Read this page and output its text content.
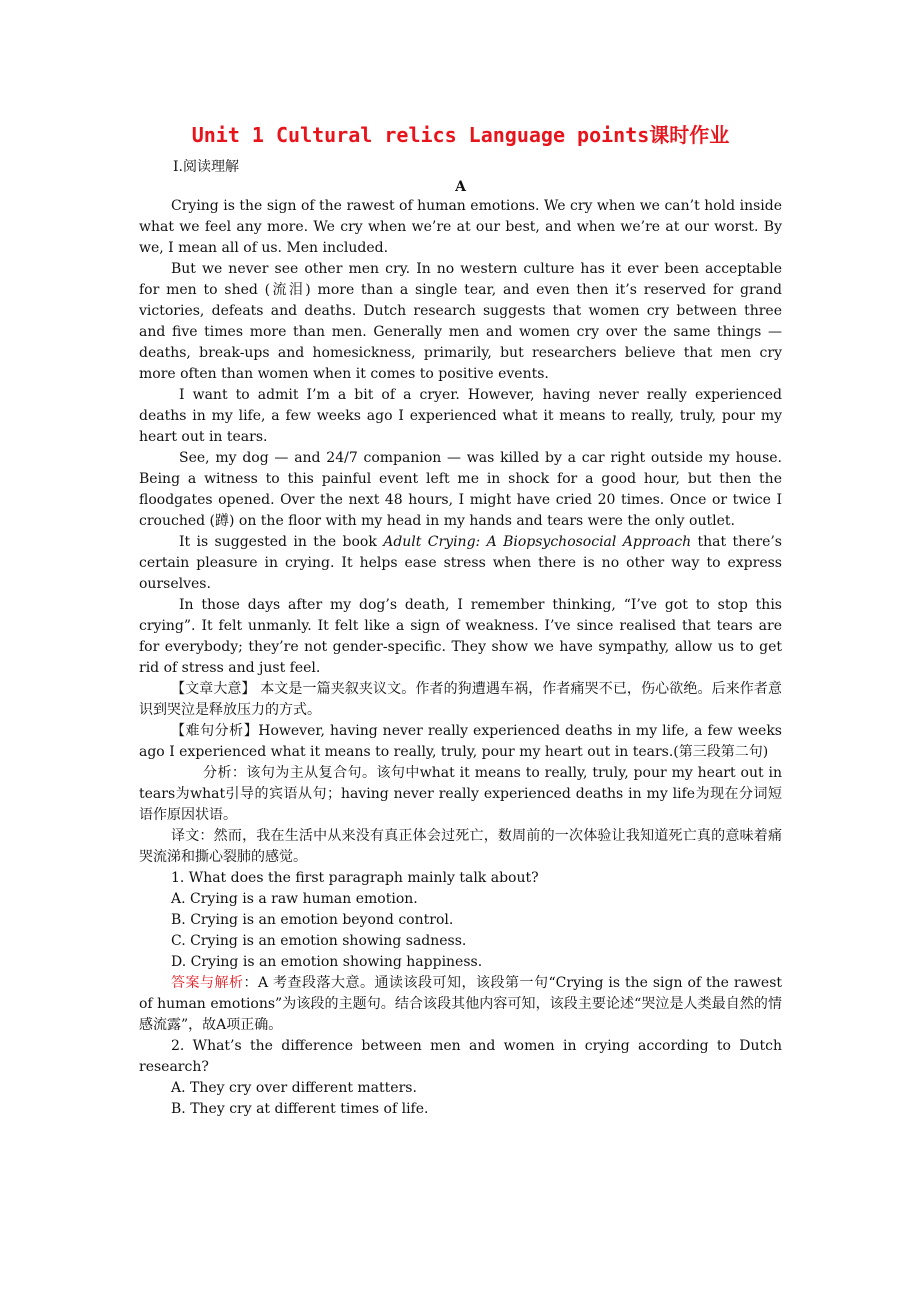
Unit 1 Cultural relics Language points课时作业
Ⅰ.阅读理解
A

Crying is the sign of the rawest of human emotions. We cry when we can’t hold inside what we feel any more. We cry when we’re at our best, and when we’re at our worst. By we, I mean all of us. Men included.

But we never see other men cry. In no western culture has it ever been acceptable for men to shed (流泪) more than a single tear, and even then it’s reserved for grand victories, defeats and deaths. Dutch research suggests that women cry between three and five times more than men. Generally men and women cry over the same things — deaths, break-ups and homesickness, primarily, but researchers believe that men cry more often than women when it comes to positive events.

I want to admit I’m a bit of a cryer. However, having never really experienced deaths in my life, a few weeks ago I experienced what it means to really, truly, pour my heart out in tears.

See, my dog — and 24/7 companion — was killed by a car right outside my house. Being a witness to this painful event left me in shock for a good hour, but then the floodgates opened. Over the next 48 hours, I might have cried 20 times. Once or twice I crouched (蹲) on the floor with my head in my hands and tears were the only outlet.

It is suggested in the book Adult Crying: A Biopsychosocial Approach that there’s certain pleasure in crying. It helps ease stress when there is no other way to express ourselves.

In those days after my dog’s death, I remember thinking, “I’ve got to stop this crying”. It felt unmanly. It felt like a sign of weakness. I’ve since realised that tears are for everybody; they’re not gender-specific. They show we have sympathy, allow us to get rid of stress and just feel.

【文章大意】 本文是一篇夹叙夹议文。作者的狗遭遇车祸，作者痛哭不已，伤心欲绝。后来作者意识到哭泣是释放压力的方式。

【难句分析】However, having never really experienced deaths in my life, a few weeks ago I experienced what it means to really, truly, pour my heart out in tears.(第三段第二句)

分析：该句为主从复合句。该句中what it means to really, truly, pour my heart out in tears为what引导的宾语从句；having never really experienced deaths in my life为现在分词短语作原因状语。

译文：然而，我在生活中从来没有真正体会过死亡，数周前的一次体验让我知道死亡真的意味着痛哭流涕和撕心裂肺的感觉。

1. What does the first paragraph mainly talk about?

A. Crying is a raw human emotion.

B. Crying is an emotion beyond control.

C. Crying is an emotion showing sadness.

D. Crying is an emotion showing happiness.

答案与解析：A 考查段落大意。通读该段可知，该段第一句“Crying is the sign of the rawest of human emotions”为该段的主题句。结合该段其他内容可知，该段主要论述“哭泣是人类最自然的情感流露”，故A项正确。

2. What’s the difference between men and women in crying according to Dutch research?

A. They cry over different matters.

B. They cry at different times of life.
